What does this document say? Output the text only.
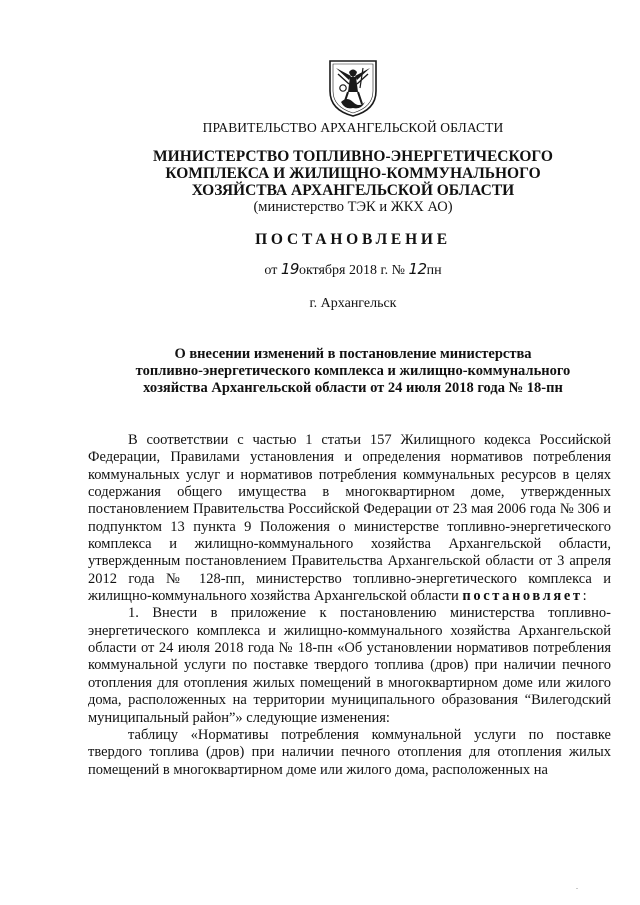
ПРАВИТЕЛЬСТВО АРХАНГЕЛЬСКОЙ ОБЛАСТИ
МИНИСТЕРСТВО ТОПЛИВНО-ЭНЕРГЕТИЧЕСКОГО
КОМПЛЕКСА И ЖИЛИЩНО-КОММУНАЛЬНОГО
ХОЗЯЙСТВА АРХАНГЕЛЬСКОЙ ОБЛАСТИ
(министерство ТЭК и ЖКХ АО)
ПОСТАНОВЛЕНИЕ
от 19октября 2018 г. № 12пн
г. Архангельск
О внесении изменений в постановление министерства
топливно-энергетического комплекса и жилищно-коммунального
хозяйства Архангельской области от 24 июля 2018 года № 18-пн

В соответствии с частью 1 статьи 157 Жилищного кодекса Российской Федерации, Правилами установления и определения нормативов потребления коммунальных услуг и нормативов потребления коммунальных ресурсов в целях содержания общего имущества в многоквартирном доме, утвержденных постановлением Правительства Российской Федерации от 23 мая 2006 года № 306 и подпунктом 13 пункта 9 Положения о министерстве топливно-энергетического комплекса и жилищно-коммунального хозяйства Архангельской области, утвержденным постановлением Правительства Архангельской области от 3 апреля 2012 года № 128-пп, министерство топливно-энергетического комплекса и жилищно-коммунального хозяйства Архангельской области постановляет:

1. Внести в приложение к постановлению министерства топливно-энергетического комплекса и жилищно-коммунального хозяйства Архангельской области от 24 июля 2018 года № 18-пн «Об установлении нормативов потребления коммунальной услуги по поставке твердого топлива (дров) при наличии печного отопления для отопления жилых помещений в многоквартирном доме или жилого дома, расположенных на территории муниципального образования “Вилегодский муниципальный район”» следующие изменения:

таблицу «Нормативы потребления коммунальной услуги по поставке твердого топлива (дров) при наличии печного отопления для отопления жилых помещений в многоквартирном доме или жилого дома, расположенных на

.
